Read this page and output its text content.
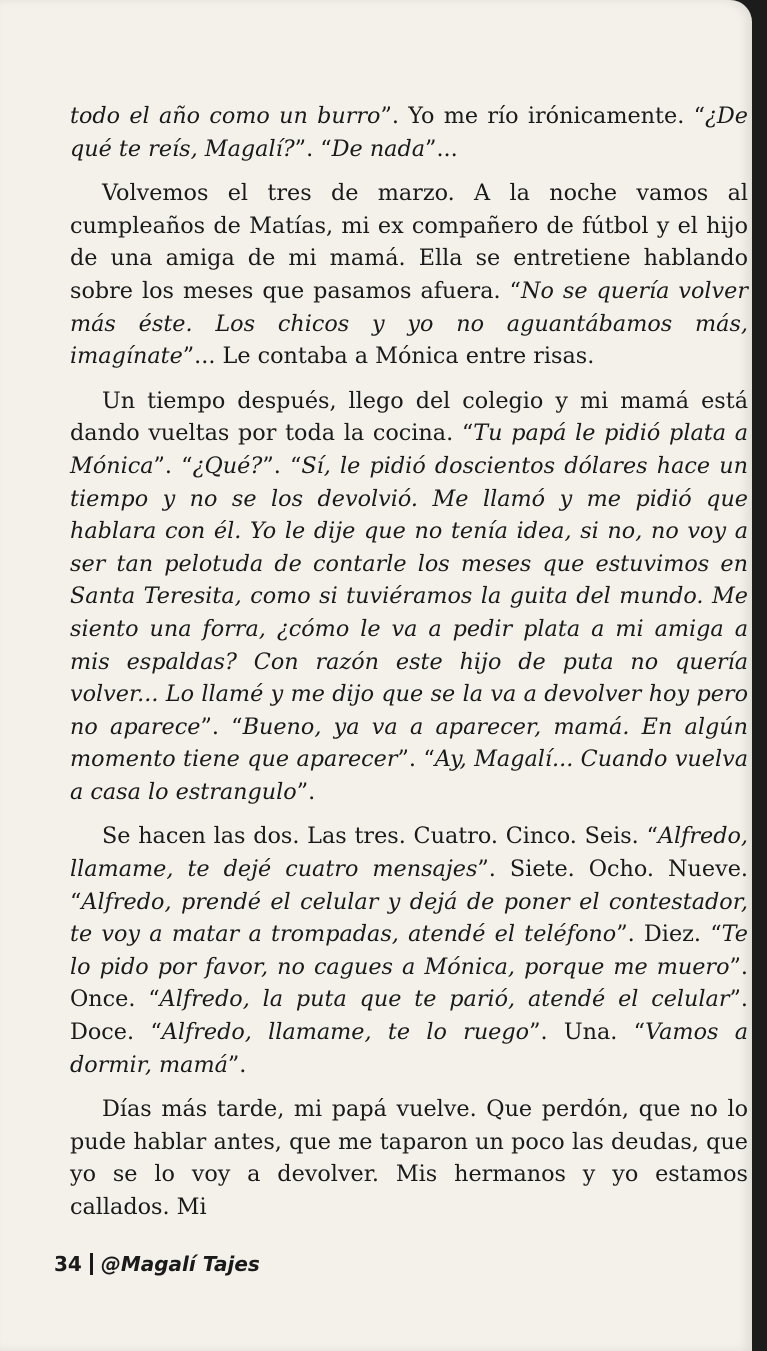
todo el año como un burro”. Yo me río irónicamente. “¿De qué te reís, Magalí?”. “De nada”...

Volvemos el tres de marzo. A la noche vamos al cumpleaños de Matías, mi ex compañero de fútbol y el hijo de una amiga de mi mamá. Ella se entretiene hablando sobre los meses que pasamos afuera. “No se quería volver más éste. Los chicos y yo no aguantábamos más, imagínate”... Le contaba a Mónica entre risas.

Un tiempo después, llego del colegio y mi mamá está dando vueltas por toda la cocina. “Tu papá le pidió plata a Mónica”. “¿Qué?”. “Sí, le pidió doscientos dólares hace un tiempo y no se los devolvió. Me llamó y me pidió que hablara con él. Yo le dije que no tenía idea, si no, no voy a ser tan pelotuda de contarle los meses que estuvimos en Santa Teresita, como si tuviéramos la guita del mundo. Me siento una forra, ¿cómo le va a pedir plata a mi amiga a mis espaldas? Con razón este hijo de puta no quería volver... Lo llamé y me dijo que se la va a devolver hoy pero no aparece”. “Bueno, ya va a aparecer, mamá. En algún momento tiene que aparecer”. “Ay, Magalí... Cuando vuelva a casa lo estrangulo”.

Se hacen las dos. Las tres. Cuatro. Cinco. Seis. “Alfredo, llamame, te dejé cuatro mensajes”. Siete. Ocho. Nueve. “Alfredo, prendé el celular y dejá de poner el contestador, te voy a matar a trompadas, atendé el teléfono”. Diez. “Te lo pido por favor, no cagues a Mónica, porque me muero”. Once. “Alfredo, la puta que te parió, atendé el celular”. Doce. “Alfredo, llamame, te lo ruego”. Una. “Vamos a dormir, mamá”.

Días más tarde, mi papá vuelve. Que perdón, que no lo pude hablar antes, que me taparon un poco las deudas, que yo se lo voy a devolver. Mis hermanos y yo estamos callados. Mi

34 @Magalí Tajes
